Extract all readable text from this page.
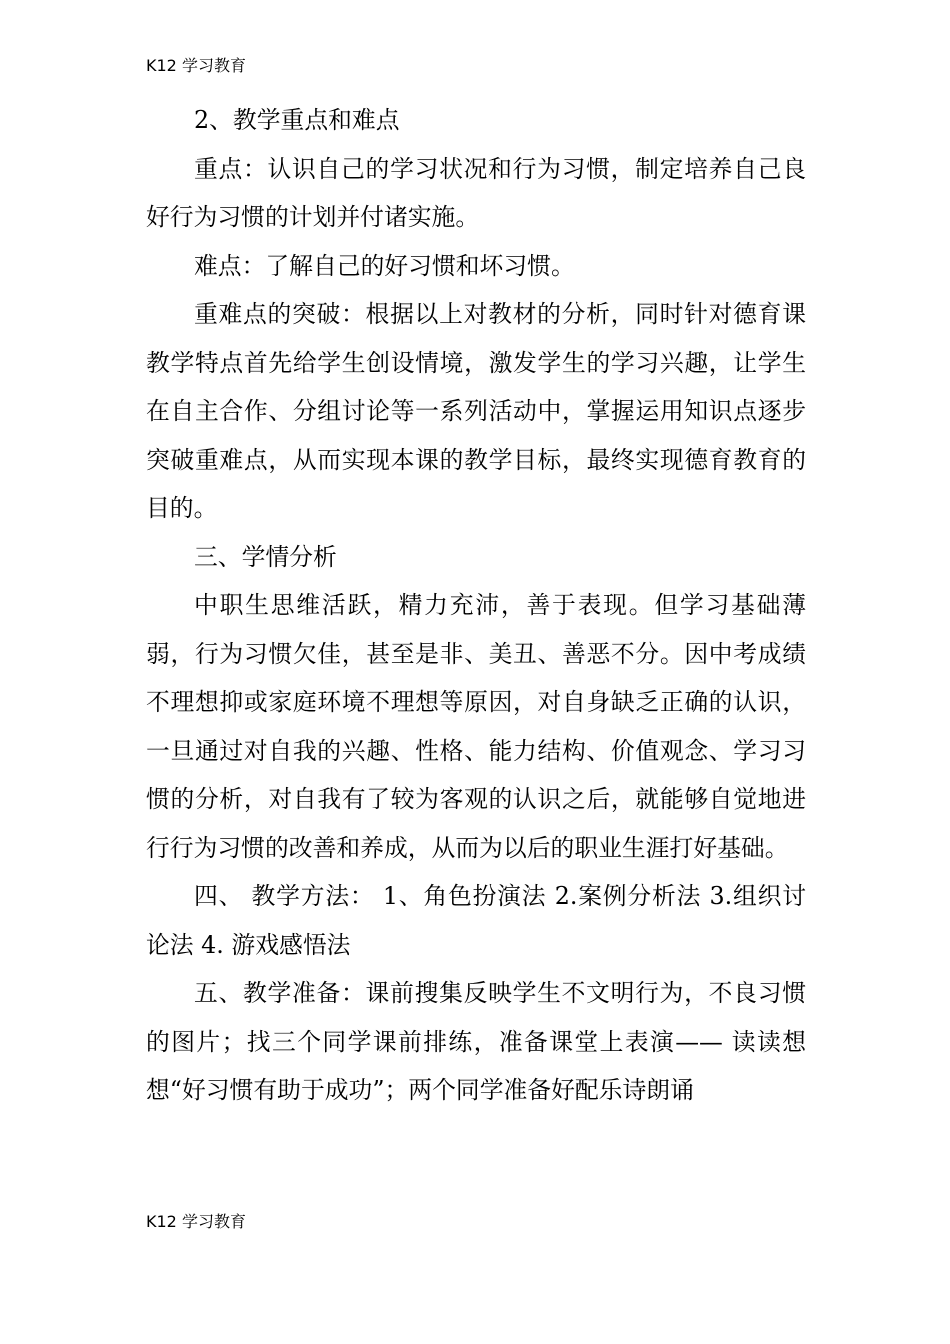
K12 学习教育

2、教学重点和难点

重点：认识自己的学习状况和行为习惯，制定培养自己良好行为习惯的计划并付诸实施。

难点：了解自己的好习惯和坏习惯。

重难点的突破：根据以上对教材的分析，同时针对德育课教学特点首先给学生创设情境，激发学生的学习兴趣，让学生在自主合作、分组讨论等一系列活动中，掌握运用知识点逐步突破重难点，从而实现本课的教学目标，最终实现德育教育的目的。

三、学情分析

中职生思维活跃，精力充沛，善于表现。但学习基础薄弱，行为习惯欠佳，甚至是非、美丑、善恶不分。因中考成绩不理想抑或家庭环境不理想等原因，对自身缺乏正确的认识，一旦通过对自我的兴趣、性格、能力结构、价值观念、学习习惯的分析，对自我有了较为客观的认识之后，就能够自觉地进行行为习惯的改善和养成，从而为以后的职业生涯打好基础。

四、 教学方法： 1、角色扮演法 2.案例分析法 3.组织讨论法 4. 游戏感悟法

五、教学准备：课前搜集反映学生不文明行为，不良习惯的图片；找三个同学课前排练，准备课堂上表演—— 读读想想“好习惯有助于成功”；两个同学准备好配乐诗朗诵

K12 学习教育
